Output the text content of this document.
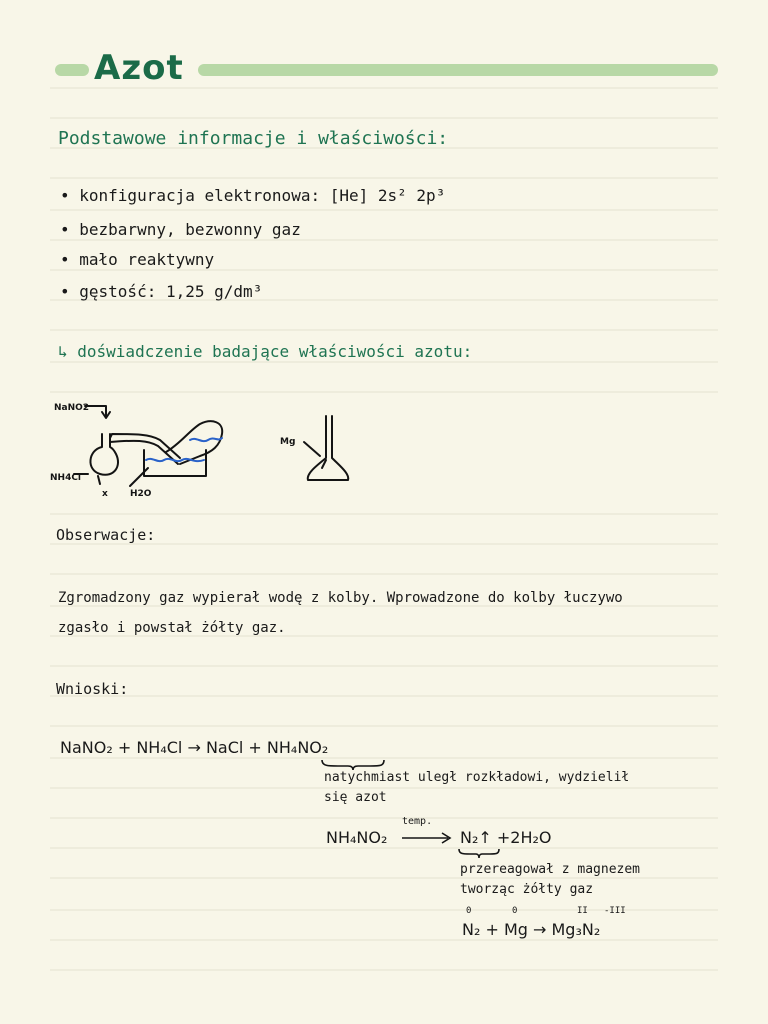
Azot
Podstawowe informacje i właściwości:
• konfiguracja elektronowa: [He] 2s² 2p³
• bezbarwny, bezwonny gaz
• mało reaktywny
• gęstość: 1,25 g/dm³
↳ doświadczenie badające właściwości azotu:
NaNO2
NH4Cl
x H2O
Mg
Obserwacje:
Zgromadzony gaz wypierał wodę z kolby. Wprowadzone do kolby łuczywo
zgasło i powstał żółty gaz.
Wnioski:
NaNO₂ + NH₄Cl → NaCl + NH₄NO₂
natychmiast uległ rozkładowi, wydzielił
się azot
NH₄NO₂
temp.
→ N₂↑ +2H₂O
przereagował z magnezem
tworząc żółty gaz
0	0	II -III
N₂ + Mg → Mg₃N₂
